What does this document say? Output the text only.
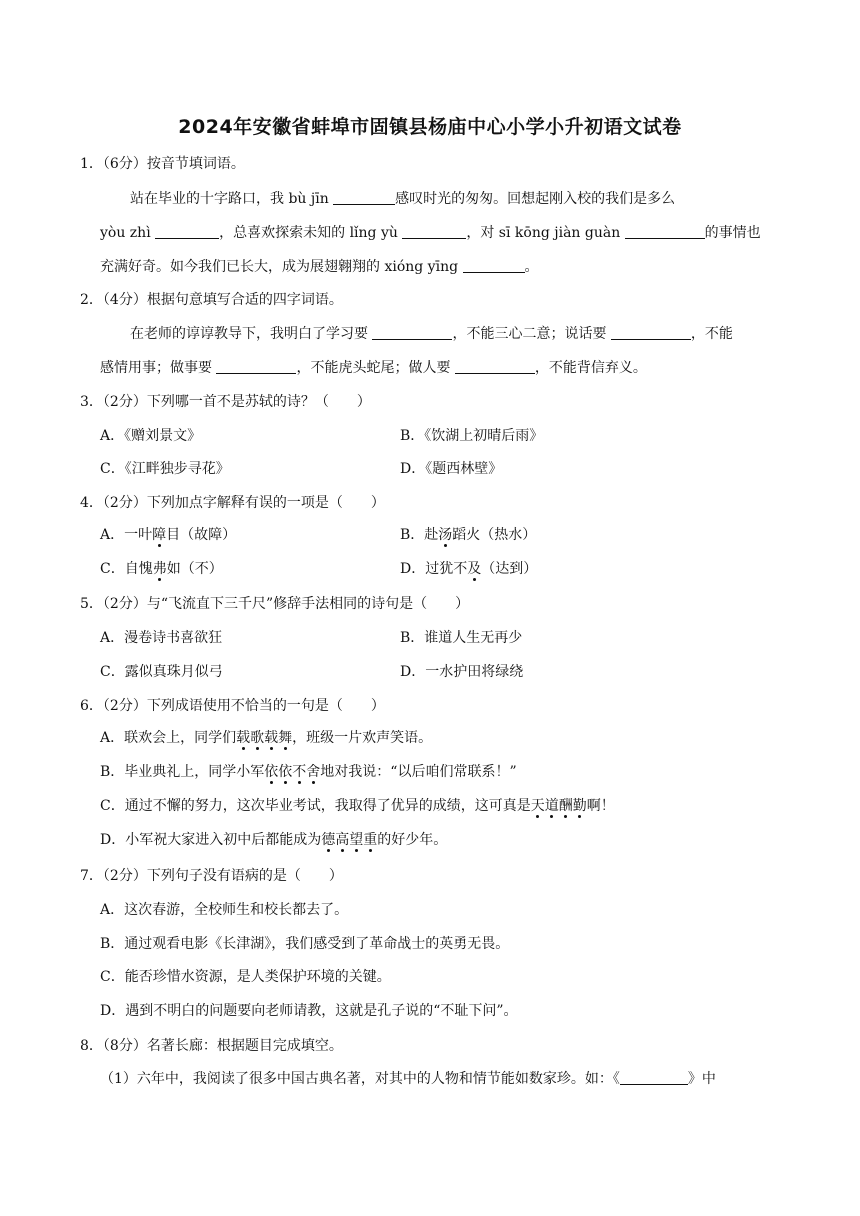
2024年安徽省蚌埠市固镇县杨庙中心小学小升初语文试卷
1．（6分）按音节填词语。
站在毕业的十字路口，我 bù jīn	感叹时光的匆匆。回想起刚入校的我们是多么
yòu zhì	，总喜欢探索未知的 lǐng yù	，对 sī kōng jiàn guàn	的事情也
充满好奇。如今我们已长大，成为展翅翱翔的 xióng yīng	。
2．（4分）根据句意填写合适的四字词语。
在老师的谆谆教导下，我明白了学习要	，不能三心二意；说话要	，不能
感情用事；做事要	，不能虎头蛇尾；做人要	，不能背信弃义。
3．（2分）下列哪一首不是苏轼的诗？（　　）
A．《赠刘景文》	B．《饮湖上初晴后雨》
C．《江畔独步寻花》	D．《题西林壁》
4．（2分）下列加点字解释有误的一项是（　　）
A．一叶障目（故障）	B．赴汤蹈火（热水）
C．自愧弗如（不）	D．过犹不及（达到）
5．（2分）与“飞流直下三千尺”修辞手法相同的诗句是（　　）
A．漫卷诗书喜欲狂	B．谁道人生无再少
C．露似真珠月似弓	D．一水护田将绿绕
6．（2分）下列成语使用不恰当的一句是（　　）
A．联欢会上，同学们载歌载舞，班级一片欢声笑语。
B．毕业典礼上，同学小军依依不舍地对我说：“以后咱们常联系！”
C．通过不懈的努力，这次毕业考试，我取得了优异的成绩，这可真是天道酬勤啊！
D．小军祝大家进入初中后都能成为德高望重的好少年。
7．（2分）下列句子没有语病的是（　　）
A．这次春游，全校师生和校长都去了。
B．通过观看电影《长津湖》，我们感受到了革命战士的英勇无畏。
C．能否珍惜水资源，是人类保护环境的关键。
D．遇到不明白的问题要向老师请教，这就是孔子说的“不耻下问”。
8．（8分）名著长廊：根据题目完成填空。
（1）六年中，我阅读了很多中国古典名著，对其中的人物和情节能如数家珍。如：《	》中
